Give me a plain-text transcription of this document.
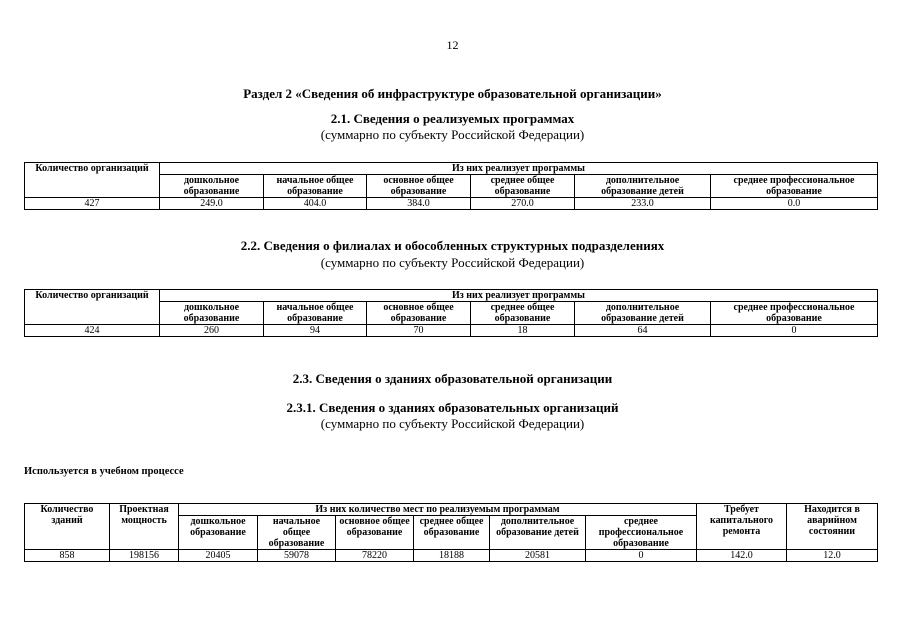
12
Раздел 2 «Сведения об инфраструктуре образовательной организации»
2.1. Сведения о реализуемых программах
(суммарно по субъекту Российской Федерации)
Количество организаций	Из них реализует программы					
	дошкольное образование	начальное общее образование	основное общее образование	среднее общее образование	дополнительное образование детей	среднее профессиональное образование
427	249.0	404.0	384.0	270.0	233.0	0.0
2.2. Сведения о филиалах и обособленных структурных подразделениях
(суммарно по субъекту Российской Федерации)
Количество организаций	Из них реализует программы					
	дошкольное образование	начальное общее образование	основное общее образование	среднее общее образование	дополнительное образование детей	среднее профессиональное образование
424	260	94	70	18	64	0
2.3. Сведения о зданиях образовательной организации
2.3.1. Сведения о зданиях образовательных организаций
(суммарно по субъекту Российской Федерации)
Используется в учебном процессе
Количество зданий	Проектная мощность	Из них количество мест по реализуемым программам						Требует капитального ремонта	Находится в аварийном состоянии
		дошкольное образование	начальное общее образование	основное общее образование	среднее общее образование	дополнительное образование детей	среднее профессиональное образование		
858	198156	20405	59078	78220	18188	20581	0	142.0	12.0
